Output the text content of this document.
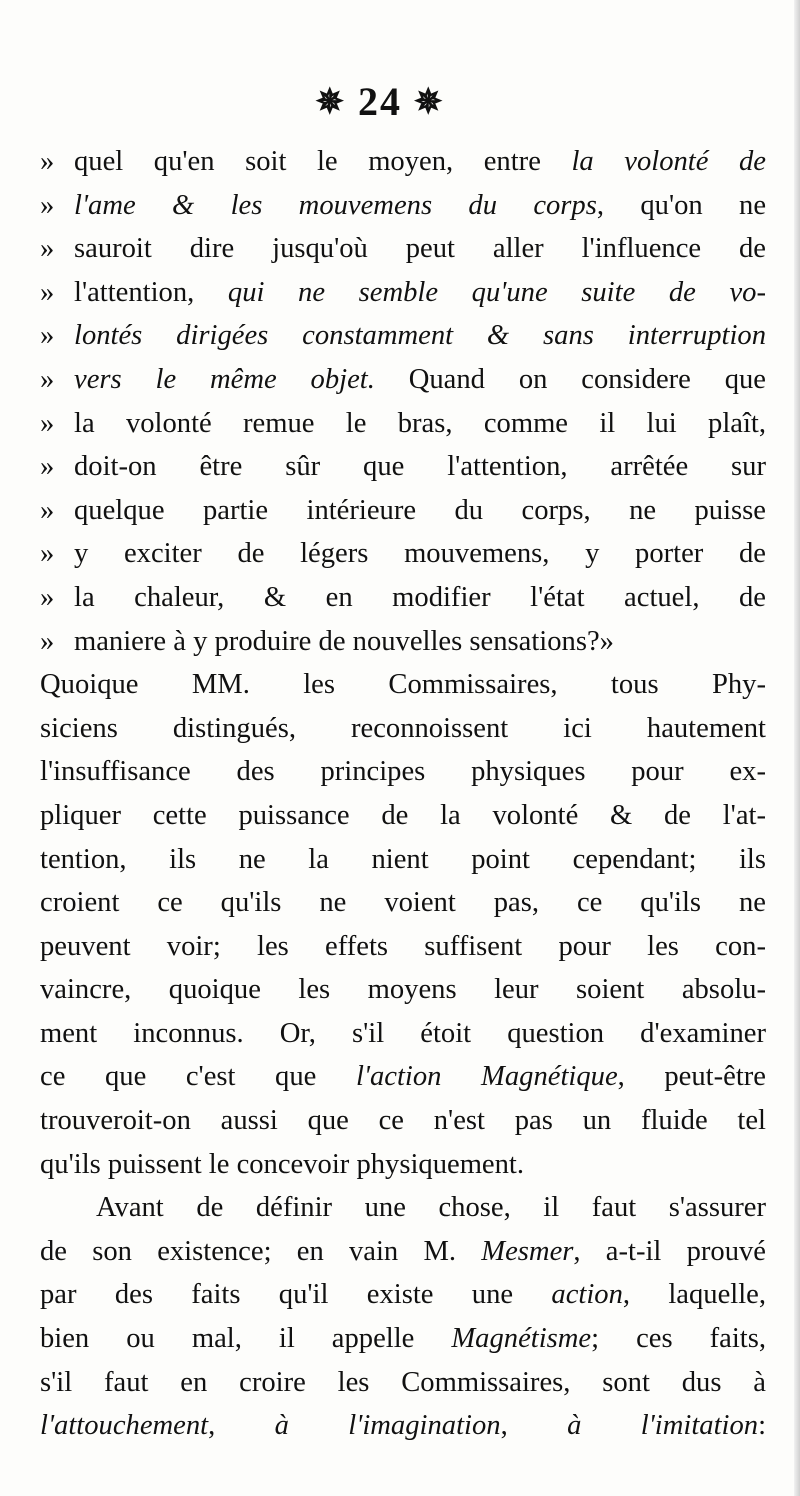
✵ 24 ✵
» quel qu'en soit le moyen, entre la volonté de
» l'ame & les mouvemens du corps, qu'on ne
» sauroit dire jusqu'où peut aller l'influence de
» l'attention, qui ne semble qu'une suite de vo-
» lontés dirigées constamment & sans interruption
» vers le même objet. Quand on considere que
» la volonté remue le bras, comme il lui plaît,
» doit-on être sûr que l'attention, arrêtée sur
» quelque partie intérieure du corps, ne puisse
» y exciter de légers mouvemens, y porter de
» la chaleur, & en modifier l'état actuel, de
» maniere à y produire de nouvelles sensations?»
Quoique MM. les Commissaires, tous Phy-
siciens distingués, reconnoissent ici hautement
l'insuffisance des principes physiques pour ex-
pliquer cette puissance de la volonté & de l'at-
tention, ils ne la nient point cependant; ils
croient ce qu'ils ne voient pas, ce qu'ils ne
peuvent voir; les effets suffisent pour les con-
vaincre, quoique les moyens leur soient absolu-
ment inconnus. Or, s'il étoit question d'examiner
ce que c'est que l'action Magnétique, peut-être
trouveroit-on aussi que ce n'est pas un fluide tel
qu'ils puissent le concevoir physiquement.
Avant de définir une chose, il faut s'assurer
de son existence; en vain M. Mesmer, a-t-il prouvé
par des faits qu'il existe une action, laquelle,
bien ou mal, il appelle Magnétisme; ces faits,
s'il faut en croire les Commissaires, sont dus à
l'attouchement, à l'imagination, à l'imitation:
